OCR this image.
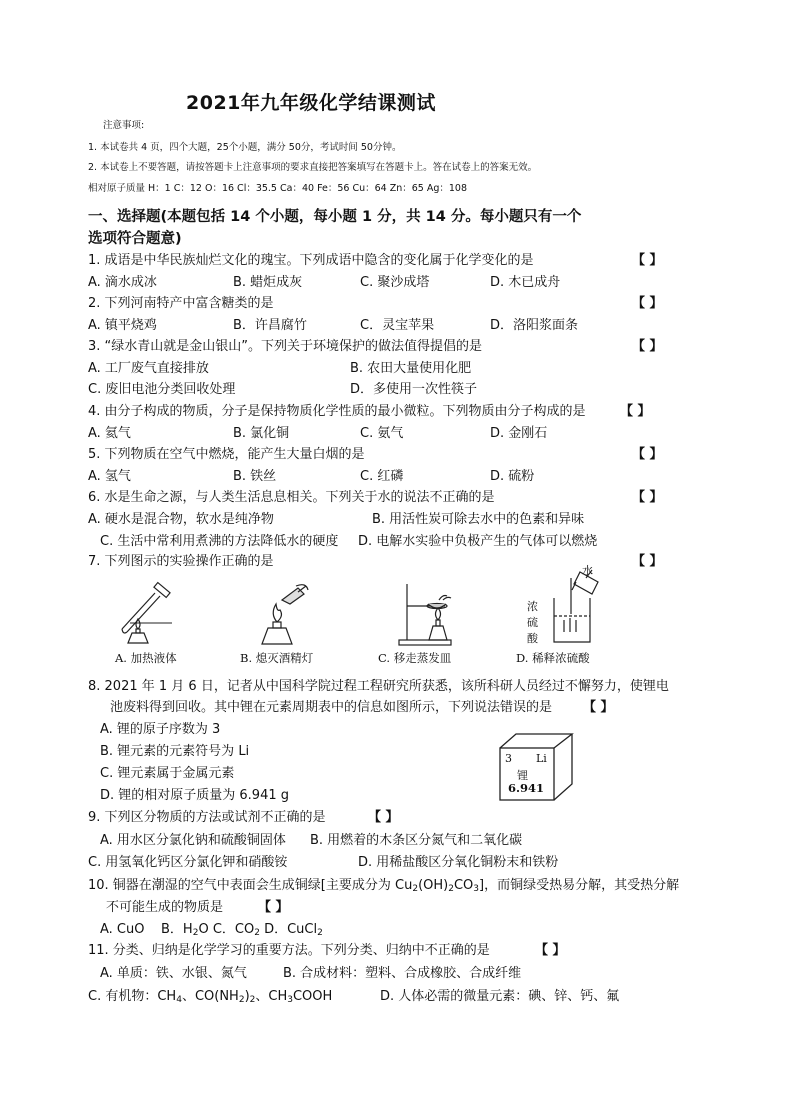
2021年九年级化学结课测试
注意事项:
1. 本试卷共 4 页，四个大题，25个小题，满分 50分，考试时间 50分钟。
2. 本试卷上不要答题，请按答题卡上注意事项的要求直接把答案填写在答题卡上。答在试卷上的答案无效。
相对原子质量 H：1 C：12 O：16 Cl：35.5 Ca：40 Fe：56 Cu：64 Zn：65 Ag：108
一、选择题(本题包括 14 个小题，每小题 1 分，共 14 分。每小题只有一个
选项符合题意)
1. 成语是中华民族灿烂文化的瑰宝。下列成语中隐含的变化属于化学变化的是	【 】
A. 滴水成冰	B. 蜡炬成灰	C. 聚沙成塔	D. 木已成舟
2. 下列河南特产中富含糖类的是	【 】
A. 镇平烧鸡	B．许昌腐竹	C．灵宝苹果	D．洛阳浆面条
3. “绿水青山就是金山银山”。下列关于环境保护的做法值得提倡的是	【 】
A. 工厂废气直接排放	B. 农田大量使用化肥
C. 废旧电池分类回收处理	D．多使用一次性筷子
4. 由分子构成的物质，分子是保持物质化学性质的最小微粒。下列物质由分子构成的是	【 】
A. 氦气	B. 氯化铜	C. 氨气	D. 金刚石
5. 下列物质在空气中燃烧，能产生大量白烟的是	【 】
A. 氢气	B. 铁丝	C. 红磷	D. 硫粉
6. 水是生命之源，与人类生活息息相关。下列关于水的说法不正确的是	【 】
A. 硬水是混合物，软水是纯净物	B. 用活性炭可除去水中的色素和异味
C. 生活中常利用煮沸的方法降低水的硬度 D. 电解水实验中负极产生的气体可以燃烧
7. 下列图示的实验操作正确的是	【 】
A. 加热液体	B. 熄灭酒精灯	C. 移走蒸发皿
水
浓
硫
酸
D. 稀释浓硫酸
8. 2021 年 1 月 6 日，记者从中国科学院过程工程研究所获悉，该所科研人员经过不懈努力，使锂电
池废料得到回收。其中锂在元素周期表中的信息如图所示，下列说法错误的是 【 】
A. 锂的原子序数为 3
B. 锂元素的元素符号为 Li
C. 锂元素属于金属元素
D. 锂的相对原子质量为 6.941 g
3 Li
锂
6.941
9. 下列区分物质的方法或试剂不正确的是	【 】
A. 用水区分氯化钠和硫酸铜固体 B. 用燃着的木条区分氮气和二氧化碳
C. 用氢氧化钙区分氯化钾和硝酸铵	D. 用稀盐酸区分氧化铜粉末和铁粉
10. 铜器在潮湿的空气中表面会生成铜绿[主要成分为 $Cu_2(OH)_2CO_3$]，而铜绿受热易分解，其受热分解
不可能生成的物质是	【 】
A. CuO B．$H_2O$ C．$CO_2$ D．CuCl$_2$
11. 分类、归纳是化学学习的重要方法。下列分类、归纳中不正确的是	【 】
A. 单质：铁、水银、氮气	B. 合成材料：塑料、合成橡胶、合成纤维
C. 有机物：$CH_4$、$CO(NH_2)_2$、$CH_3COOH$	D. 人体必需的微量元素：碘、锌、钙、氟
